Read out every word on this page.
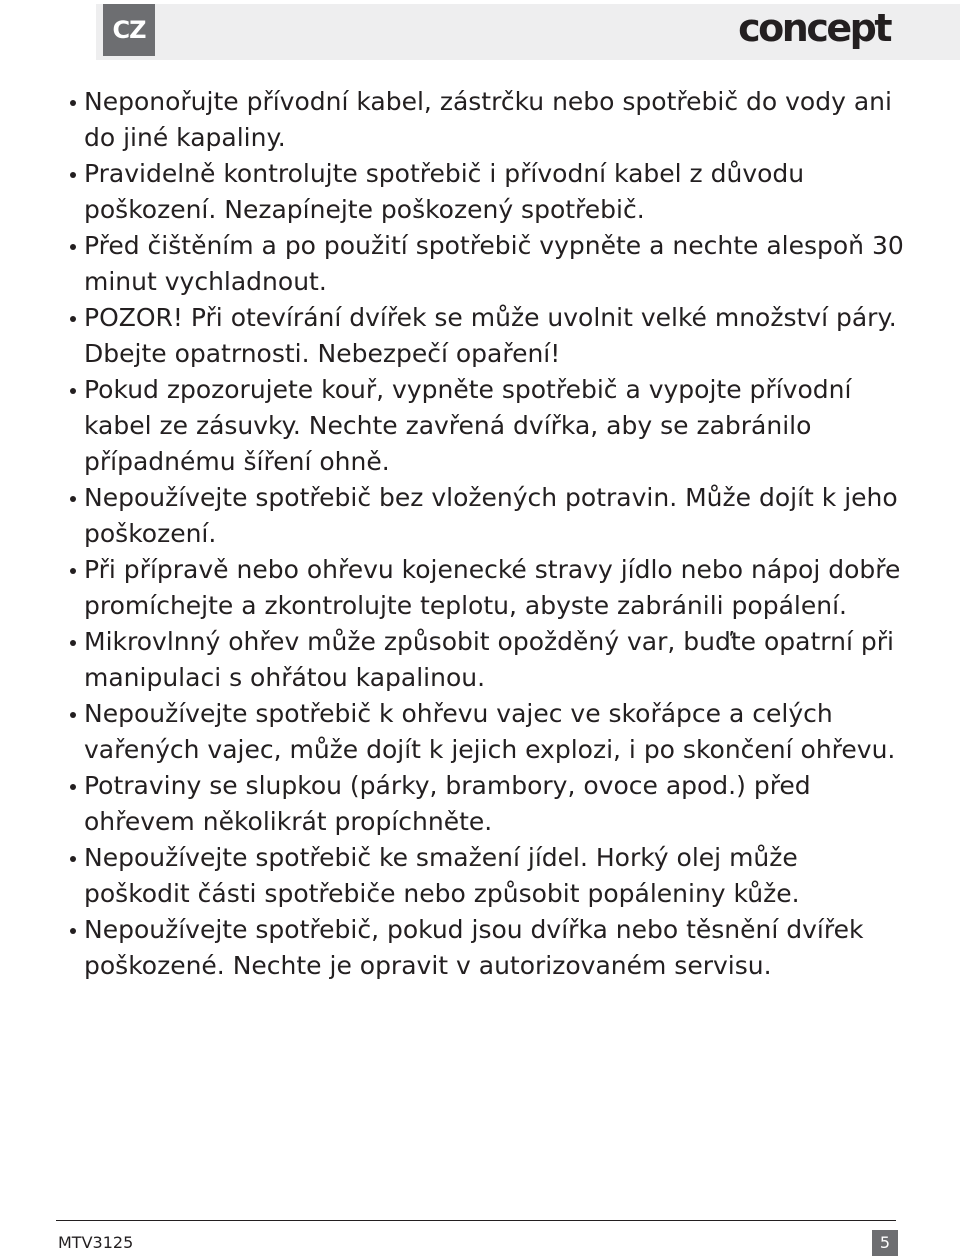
CZ	concept
Neponořujte přívodní kabel, zástrčku nebo spotřebič do vody ani do jiné kapaliny.
Pravidelně kontrolujte spotřebič i přívodní kabel z důvodu poškození. Nezapínejte poškozený spotřebič.
Před čištěním a po použití spotřebič vypněte a nechte alespoň 30 minut vychladnout.
POZOR! Při otevírání dvířek se může uvolnit velké množství páry. Dbejte opatrnosti. Nebezpečí opaření!
Pokud zpozorujete kouř, vypněte spotřebič a vypojte přívodní kabel ze zásuvky. Nechte zavřená dvířka, aby se zabránilo případnému šíření ohně.
Nepoužívejte spotřebič bez vložených potravin. Může dojít k jeho poškození.
Při přípravě nebo ohřevu kojenecké stravy jídlo nebo nápoj dobře promíchejte a zkontrolujte teplotu, abyste zabránili popálení.
Mikrovlnný ohřev může způsobit opožděný var, buďte opatrní při manipulaci s ohřátou kapalinou.
Nepoužívejte spotřebič k ohřevu vajec ve skořápce a celých vařených vajec, může dojít k jejich explozi, i po skončení ohřevu.
Potraviny se slupkou (párky, brambory, ovoce apod.) před ohřevem několikrát propíchněte.
Nepoužívejte spotřebič ke smažení jídel. Horký olej může poškodit části spotřebiče nebo způsobit popáleniny kůže.
Nepoužívejte spotřebič, pokud jsou dvířka nebo těsnění dvířek poškozené. Nechte je opravit v autorizovaném servisu.
MTV3125	5
